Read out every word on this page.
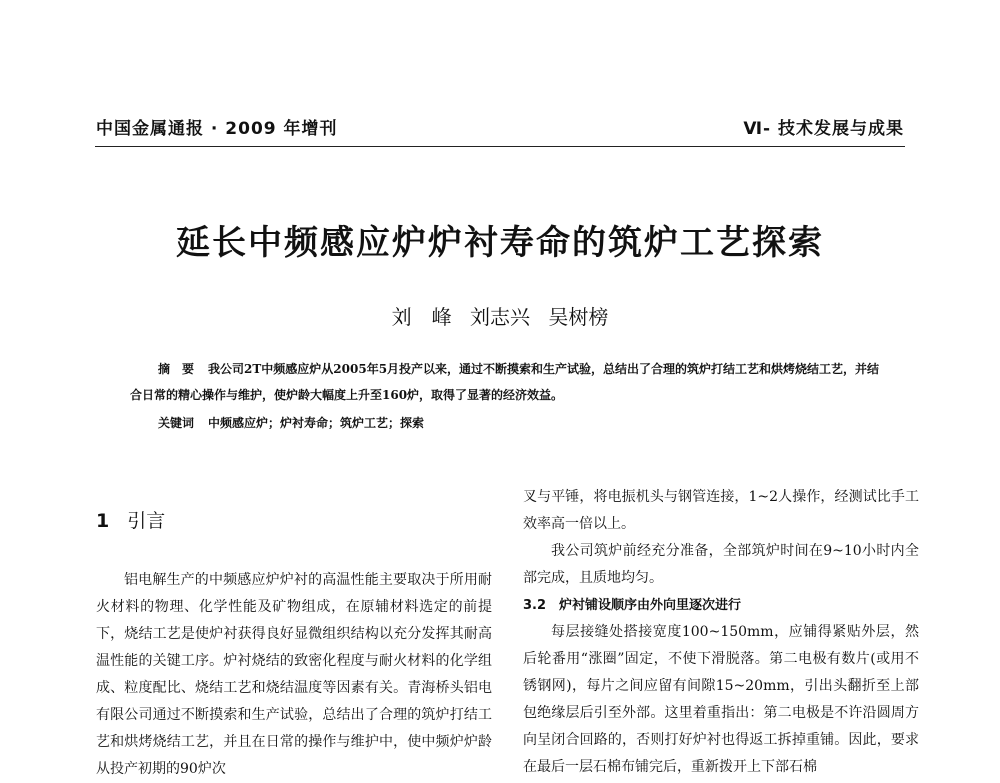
中国金属通报 · 2009 年增刊	Ⅵ- 技术发展与成果
延长中频感应炉炉衬寿命的筑炉工艺探索
刘　峰 刘志兴 吴树榜
摘　要 我公司2T中频感应炉从2005年5月投产以来，通过不断摸索和生产试验，总结出了合理的筑炉打结工艺和烘烤烧结工艺，并结合日常的精心操作与维护，使炉龄大幅度上升至160炉，取得了显著的经济效益。
关键词 中频感应炉；炉衬寿命；筑炉工艺；探索
1 引言
铝电解生产的中频感应炉炉衬的高温性能主要取决于所用耐火材料的物理、化学性能及矿物组成，在原辅材料选定的前提下，烧结工艺是使炉衬获得良好显微组织结构以充分发挥其耐高温性能的关键工序。炉衬烧结的致密化程度与耐火材料的化学组成、粒度配比、烧结工艺和烧结温度等因素有关。青海桥头铝电有限公司通过不断摸索和生产试验，总结出了合理的筑炉打结工艺和烘烤烧结工艺，并且在日常的操作与维护中，使中频炉炉龄从投产初期的90炉次
叉与平锤，将电振机头与钢管连接，1~2人操作，经测试比手工效率高一倍以上。
我公司筑炉前经充分准备，全部筑炉时间在9~10小时内全部完成，且质地均匀。
3.2　炉衬铺设顺序由外向里逐次进行
每层接缝处搭接宽度100~150mm，应铺得紧贴外层，然后轮番用“涨圈”固定，不使下滑脱落。第二电极有数片(或用不锈钢网)，每片之间应留有间隙15~20mm，引出头翻折至上部包绝缘层后引至外部。这里着重指出：第二电极是不许沿圆周方向呈闭合回路的，否则打好炉衬也得返工拆掉重铺。因此，要求在最后一层石棉布铺完后，重新拨开上下部石棉
